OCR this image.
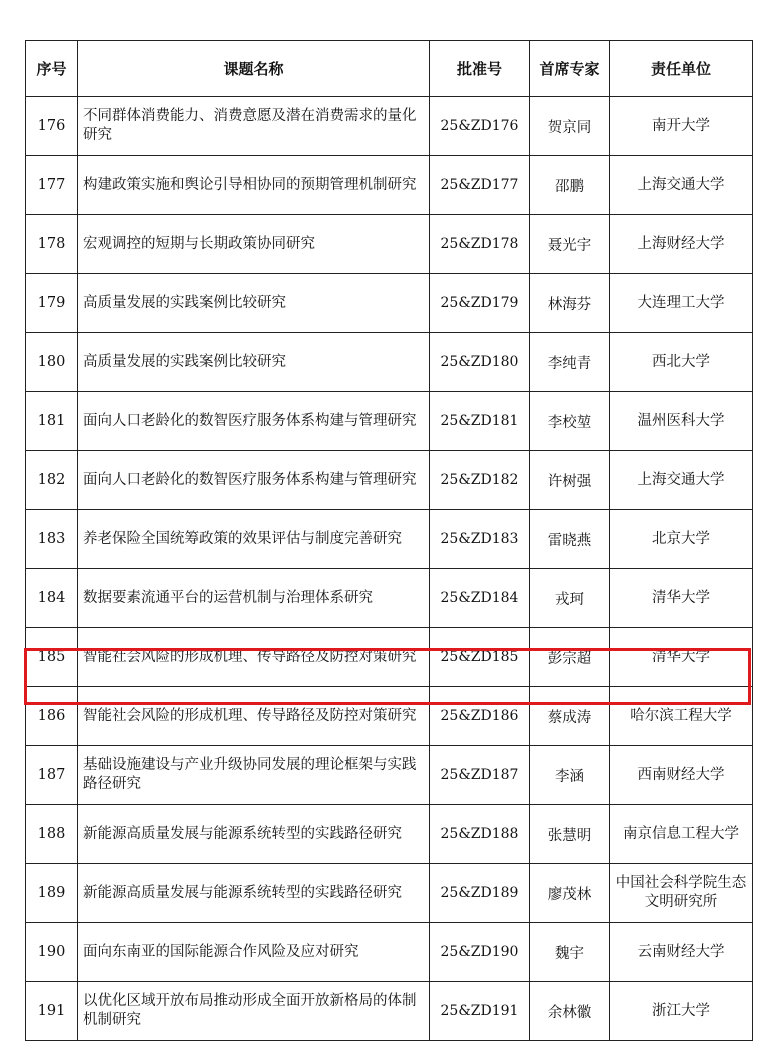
序号	课题名称	批准号	首席专家	责任单位
176	不同群体消费能力、消费意愿及潜在消费需求的量化研究	25&ZD176	贺京同	南开大学
177	构建政策实施和舆论引导相协同的预期管理机制研究	25&ZD177	邵鹏	上海交通大学
178	宏观调控的短期与长期政策协同研究	25&ZD178	聂光宇	上海财经大学
179	高质量发展的实践案例比较研究	25&ZD179	林海芬	大连理工大学
180	高质量发展的实践案例比较研究	25&ZD180	李纯青	西北大学
181	面向人口老龄化的数智医疗服务体系构建与管理研究	25&ZD181	李校堃	温州医科大学
182	面向人口老龄化的数智医疗服务体系构建与管理研究	25&ZD182	许树强	上海交通大学
183	养老保险全国统筹政策的效果评估与制度完善研究	25&ZD183	雷晓燕	北京大学
184	数据要素流通平台的运营机制与治理体系研究	25&ZD184	戎珂	清华大学
185	智能社会风险的形成机理、传导路径及防控对策研究	25&ZD185	彭宗超	清华大学
186	智能社会风险的形成机理、传导路径及防控对策研究	25&ZD186	蔡成涛	哈尔滨工程大学
187	基础设施建设与产业升级协同发展的理论框架与实践路径研究	25&ZD187	李涵	西南财经大学
188	新能源高质量发展与能源系统转型的实践路径研究	25&ZD188	张慧明	南京信息工程大学
189	新能源高质量发展与能源系统转型的实践路径研究	25&ZD189	廖茂林	中国社会科学院生态文明研究所
190	面向东南亚的国际能源合作风险及应对研究	25&ZD190	魏宇	云南财经大学
191	以优化区域开放布局推动形成全面开放新格局的体制机制研究	25&ZD191	余林徽	浙江大学
